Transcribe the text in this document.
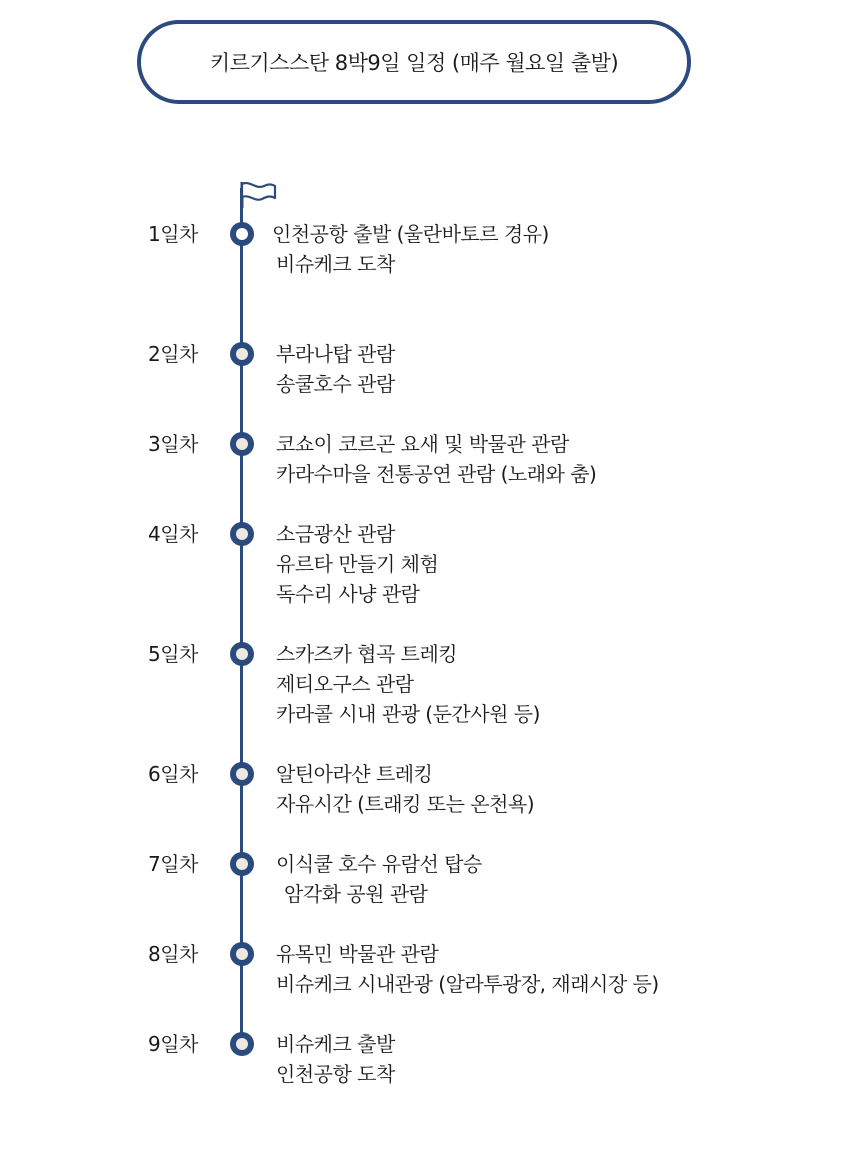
키르기스스탄 8박9일 일정 (매주 월요일 출발)
1일차	인천공항 출발 (울란바토르 경유)
비슈케크 도착
2일차	부라나탑 관람
송쿨호수 관람
3일차	코쇼이 코르곤 요새 및 박물관 관람
카라수마을 전통공연 관람 (노래와 춤)
4일차	소금광산 관람
유르타 만들기 체험
독수리 사냥 관람
5일차	스카즈카 협곡 트레킹
제티오구스 관람
카라콜 시내 관광 (둔간사원 등)
6일차	알틴아라샨 트레킹
자유시간 (트래킹 또는 온천욕)
7일차	이식쿨 호수 유람선 탑승
암각화 공원 관람
8일차	유목민 박물관 관람
비슈케크 시내관광 (알라투광장, 재래시장 등)
9일차	비슈케크 출발
인천공항 도착
